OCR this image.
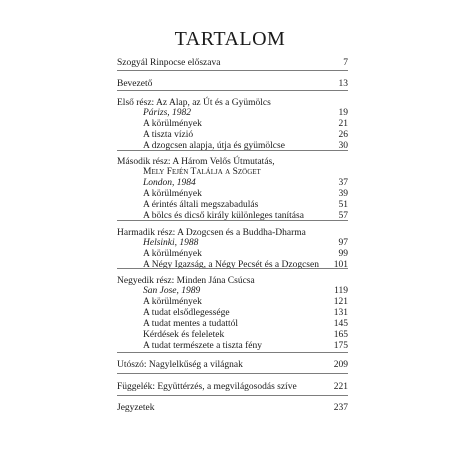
TARTALOM
Szogyál Rinpocse előszava	7
Bevezető	13
Első rész: Az Alap, az Út és a Gyümölcs
Párizs, 1982	19
A körülmények	21
A tiszta vízió	26
A dzogcsen alapja, útja és gyümölcse	30
Második rész: A Három Velős Útmutatás,
Mely Fején Találja a Szöget
London, 1984	37
A körülmények	39
A érintés általi megszabadulás	51
A bölcs és dicső király különleges tanítása	57
Harmadik rész: A Dzogcsen és a Buddha-Dharma
Helsinki, 1988	97
A körülmények	99
A Négy Igazság, a Négy Pecsét és a Dzogcsen 101
Negyedik rész: Minden Jána Csúcsa
San Jose, 1989	119
A körülmények	121
A tudat elsődlegessége	131
A tudat mentes a tudattól	145
Kérdések és feleletek	165
A tudat természete a tiszta fény	175
Utószó: Nagylelkűség a világnak	209
Függelék: Együttérzés, a megvilágosodás szíve	221
Jegyzetek	237
